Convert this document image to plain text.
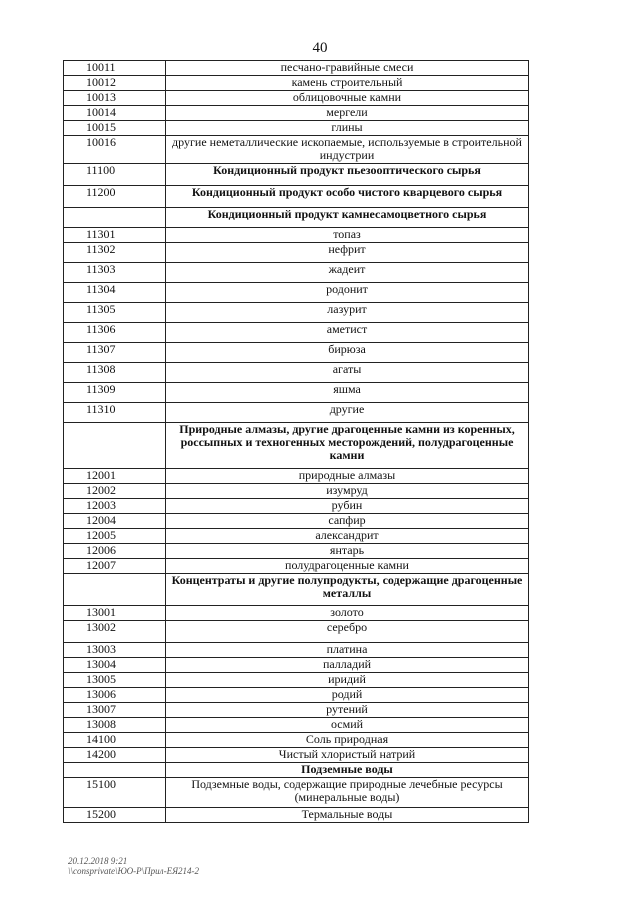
40
10011	песчано-гравийные смеси
10012	камень строительный
10013	облицовочные камни
10014	мергели
10015	глины
10016	другие неметаллические ископаемые, используемые в строительной индустрии
11100	Кондиционный продукт пьезооптического сырья
11200	Кондиционный продукт особо чистого кварцевого сырья
	Кондиционный продукт камнесамоцветного сырья
11301	топаз
11302	нефрит
11303	жадеит
11304	родонит
11305	лазурит
11306	аметист
11307	бирюза
11308	агаты
11309	яшма
11310	другие
	Природные алмазы, другие драгоценные камни из коренных, россыпных и техногенных месторождений, полудрагоценные камни
12001	природные алмазы
12002	изумруд
12003	рубин
12004	сапфир
12005	александрит
12006	янтарь
12007	полудрагоценные камни
	Концентраты и другие полупродукты, содержащие драгоценные металлы
13001	золото
13002	серебро
13003	платина
13004	палладий
13005	иридий
13006	родий
13007	рутений
13008	осмий
14100	Соль природная
14200	Чистый хлористый натрий
	Подземные воды
15100	Подземные воды, содержащие природные лечебные ресурсы (минеральные воды)
15200	Термальные воды
20.12.2018 9:21
\\consprivate\ЮО-Р\Прил-ЕЯ214-2
